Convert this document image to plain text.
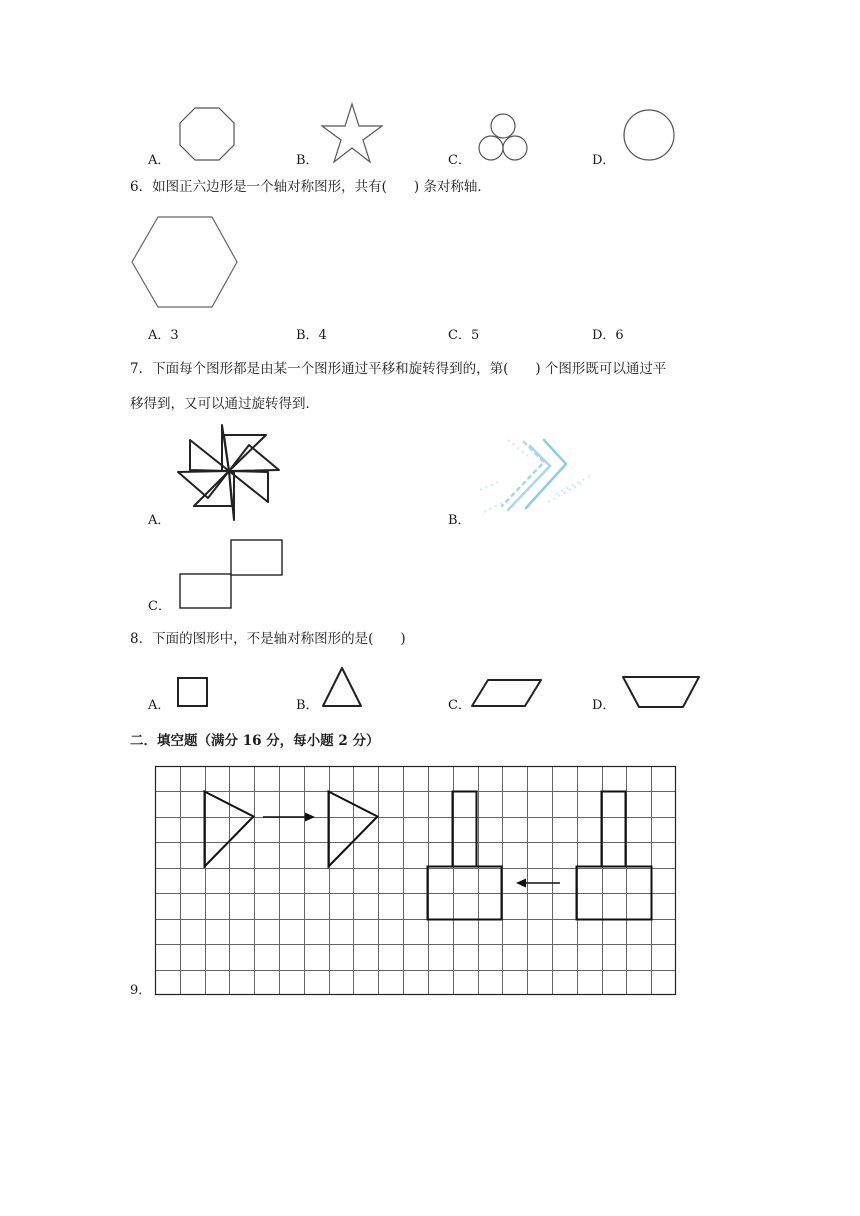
A．	B．	C．	D．
6．如图正六边形是一个轴对称图形，共有(　　) 条对称轴．
A．3	B．4	C．5	D．6
7．下面每个图形都是由某一个图形通过平移和旋转得到的，第(　　) 个图形既可以通过平
移得到，又可以通过旋转得到．
A．	B．
C．
8．下面的图形中，不是轴对称图形的是(　　)
A．	B．	C．	D．
二．填空题（满分 16 分，每小题 2 分）
9．
